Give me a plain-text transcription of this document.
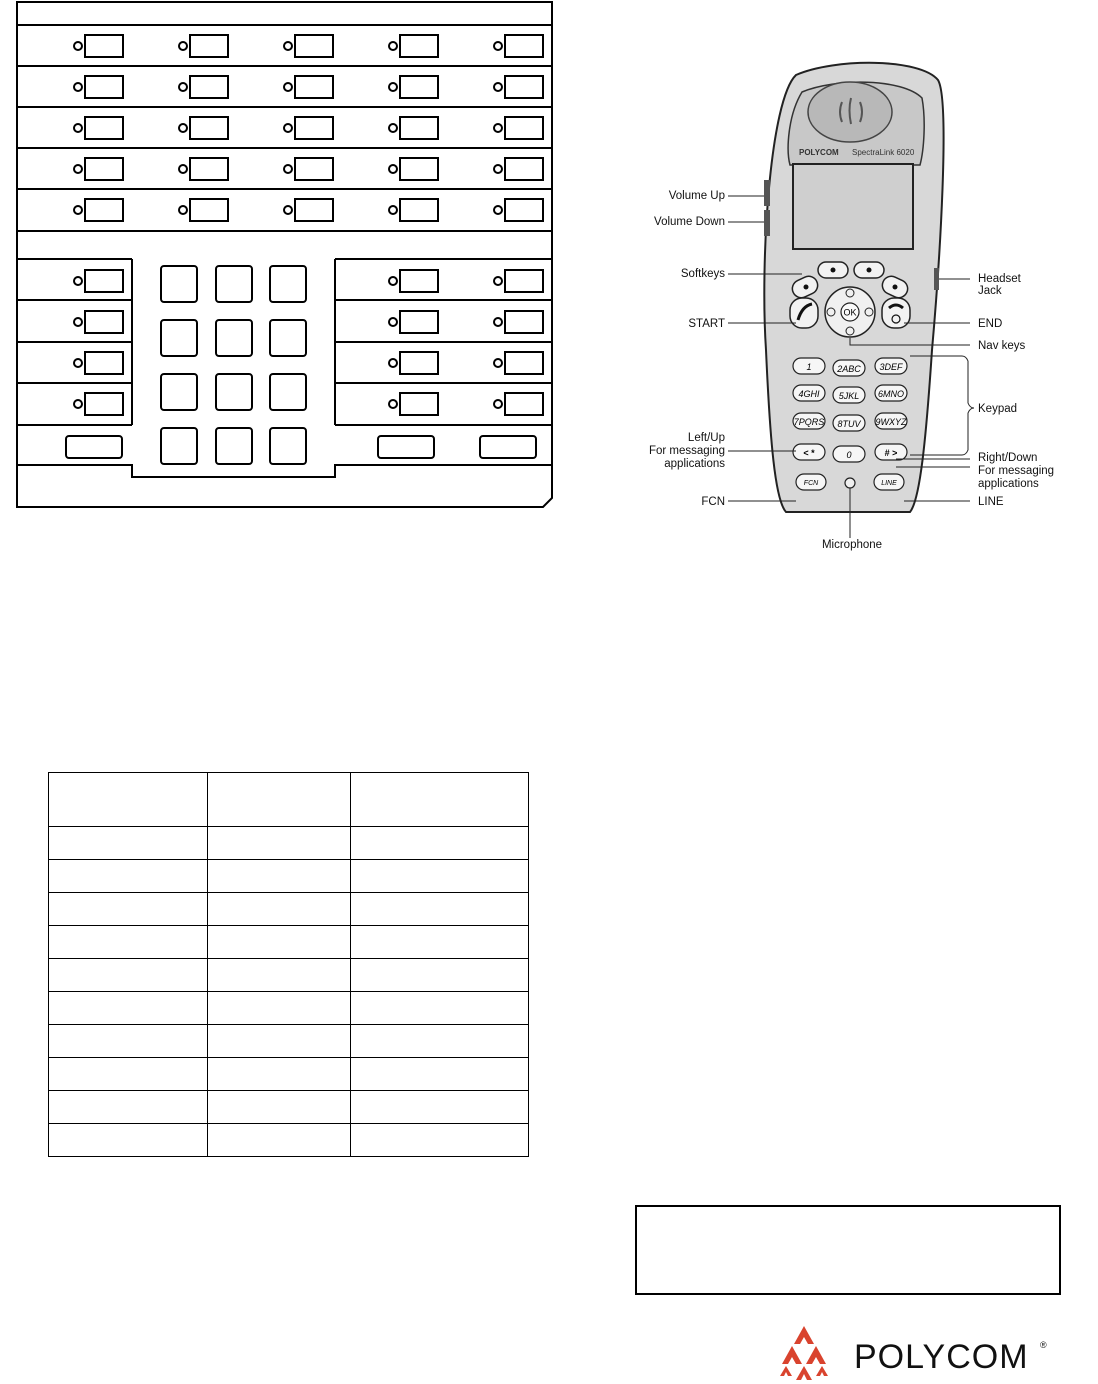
POLYCOM SpectraLink 6020
OK
1	2ABC 3DEF
4GHI 5JKL 6MNO
7PQRS 8TUV 9WXYZ
< *	0	# >
FCN	LINE
Volume Up
Volume Down
Softkeys
START
Left/Up
For messaging
applications
FCN
Microphone
Headset
Jack
END
Nav keys
Keypad
Right/Down
For messaging
applications
LINE

POLYCOM ®
